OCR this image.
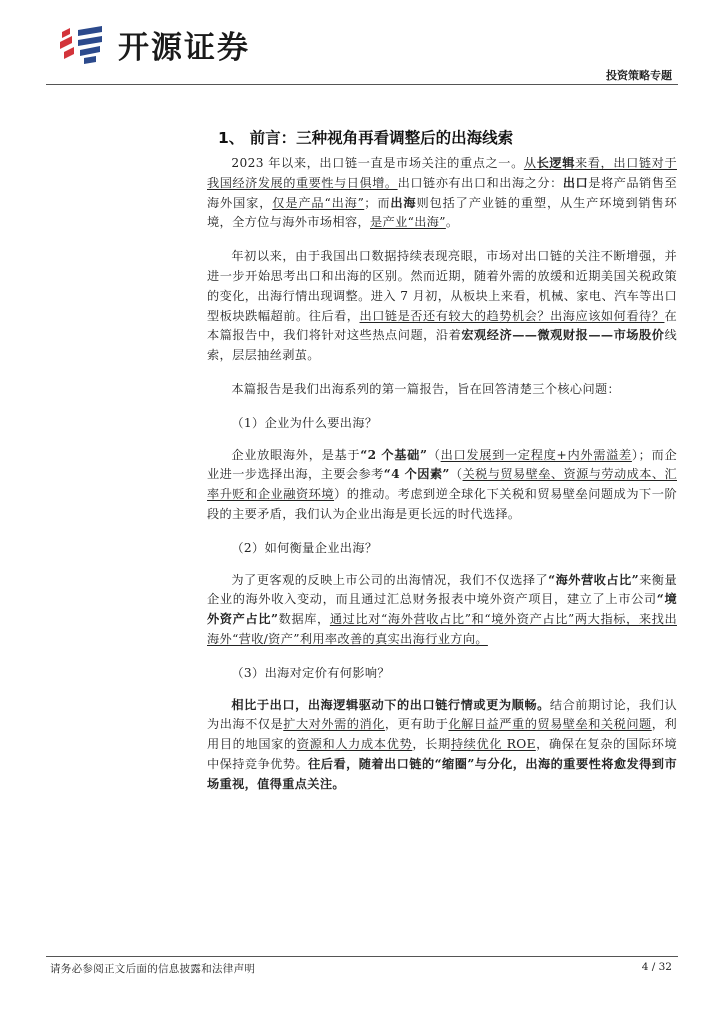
开源证券
投资策略专题
1、 前言：三种视角再看调整后的出海线索

2023 年以来，出口链一直是市场关注的重点之一。从长逻辑来看，出口链对于我国经济发展的重要性与日俱增。出口链亦有出口和出海之分：出口是将产品销售至海外国家，仅是产品“出海”；而出海则包括了产业链的重塑，从生产环境到销售环境，全方位与海外市场相容，是产业“出海”。

年初以来，由于我国出口数据持续表现亮眼，市场对出口链的关注不断增强，并进一步开始思考出口和出海的区别。然而近期，随着外需的放缓和近期美国关税政策的变化，出海行情出现调整。进入 7 月初，从板块上来看，机械、家电、汽车等出口型板块跌幅超前。往后看，出口链是否还有较大的趋势机会？出海应该如何看待？在本篇报告中，我们将针对这些热点问题，沿着宏观经济——微观财报——市场股价线索，层层抽丝剥茧。

本篇报告是我们出海系列的第一篇报告，旨在回答清楚三个核心问题：

（1）企业为什么要出海？

企业放眼海外，是基于“2 个基础”（出口发展到一定程度+内外需溢差）；而企业进一步选择出海，主要会参考“4 个因素”（关税与贸易壁垒、资源与劳动成本、汇率升贬和企业融资环境）的推动。考虑到逆全球化下关税和贸易壁垒问题成为下一阶段的主要矛盾，我们认为企业出海是更长远的时代选择。

（2）如何衡量企业出海？

为了更客观的反映上市公司的出海情况，我们不仅选择了“海外营收占比”来衡量企业的海外收入变动，而且通过汇总财务报表中境外资产项目，建立了上市公司“境外资产占比”数据库，通过比对“海外营收占比”和“境外资产占比”两大指标，来找出海外“营收/资产”利用率改善的真实出海行业方向。

（3）出海对定价有何影响？

相比于出口，出海逻辑驱动下的出口链行情或更为顺畅。结合前期讨论，我们认为出海不仅是扩大对外需的消化，更有助于化解日益严重的贸易壁垒和关税问题，利用目的地国家的资源和人力成本优势，长期持续优化 ROE，确保在复杂的国际环境中保持竞争优势。往后看，随着出口链的“缩圈”与分化，出海的重要性将愈发得到市场重视，值得重点关注。

请务必参阅正文后面的信息披露和法律声明	4 / 32
